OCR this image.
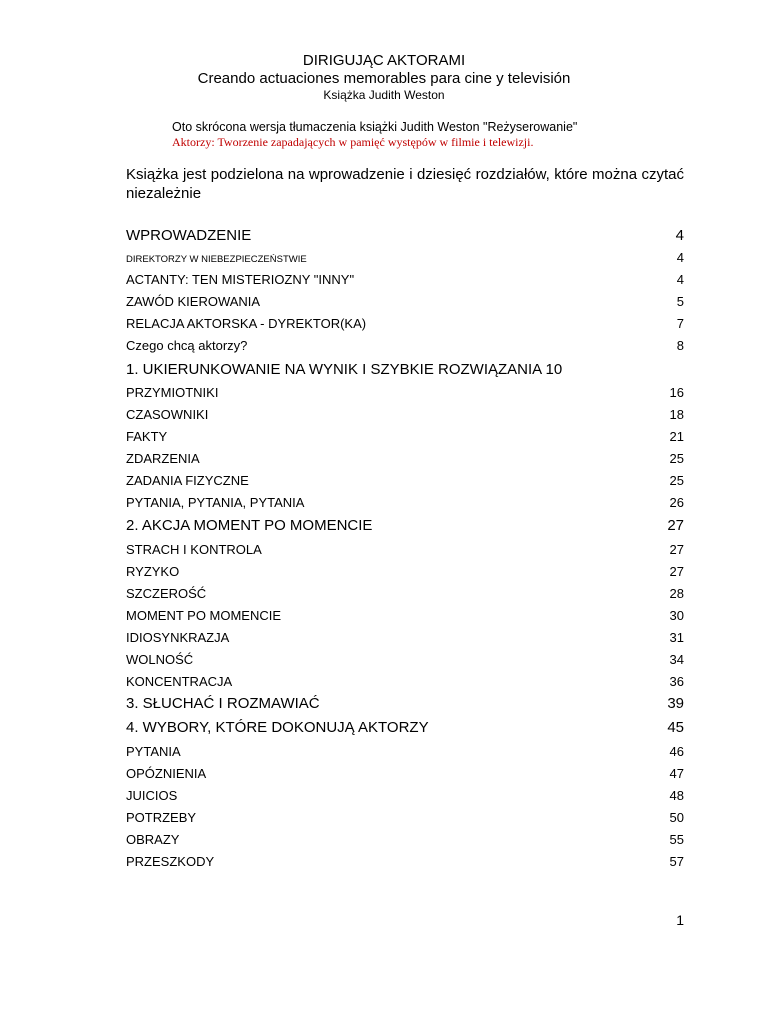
DIRIGUJĄC AKTORAMI
Creando actuaciones memorables para cine y televisión
Książka Judith Weston
Oto skrócona wersja tłumaczenia książki Judith Weston "Reżyserowanie"
Aktorzy: Tworzenie zapadających w pamięć występów w filmie i telewizji.
Książka jest podzielona na wprowadzenie i dziesięć rozdziałów, które można czytać niezależnie
WPROWADZENIE	4
DIREKTORZY W NIEBEZPIECZEŃSTWIE	4
ACTANTY: TEN MISTERIOZNY "INNY"	4
ZAWÓD KIEROWANIA	5
RELACJA AKTORSKA - DYREKTOR(KA)	7
Czego chcą aktorzy?	8
1. UKIERUNKOWANIE NA WYNIK I SZYBKIE ROZWIĄZANIA 10
PRZYMIOTNIKI	16
CZASOWNIKI	18
FAKTY	21
ZDARZENIA	25
ZADANIA FIZYCZNE	25
PYTANIA, PYTANIA, PYTANIA	26
2. AKCJA MOMENT PO MOMENCIE	27
STRACH I KONTROLA	27
RYZYKO	27
SZCZEROŚĆ	28
MOMENT PO MOMENCIE	30
IDIOSYNKRAZJA	31
WOLNOŚĆ	34
KONCENTRACJA	36
3. SŁUCHAĆ I ROZMAWIAĆ	39
4. WYBORY, KTÓRE DOKONUJĄ AKTORZY	45
PYTANIA	46
OPÓZNIENIA	47
JUICIOS	48
POTRZEBY	50
OBRAZY	55
PRZESZKODY	57
1
